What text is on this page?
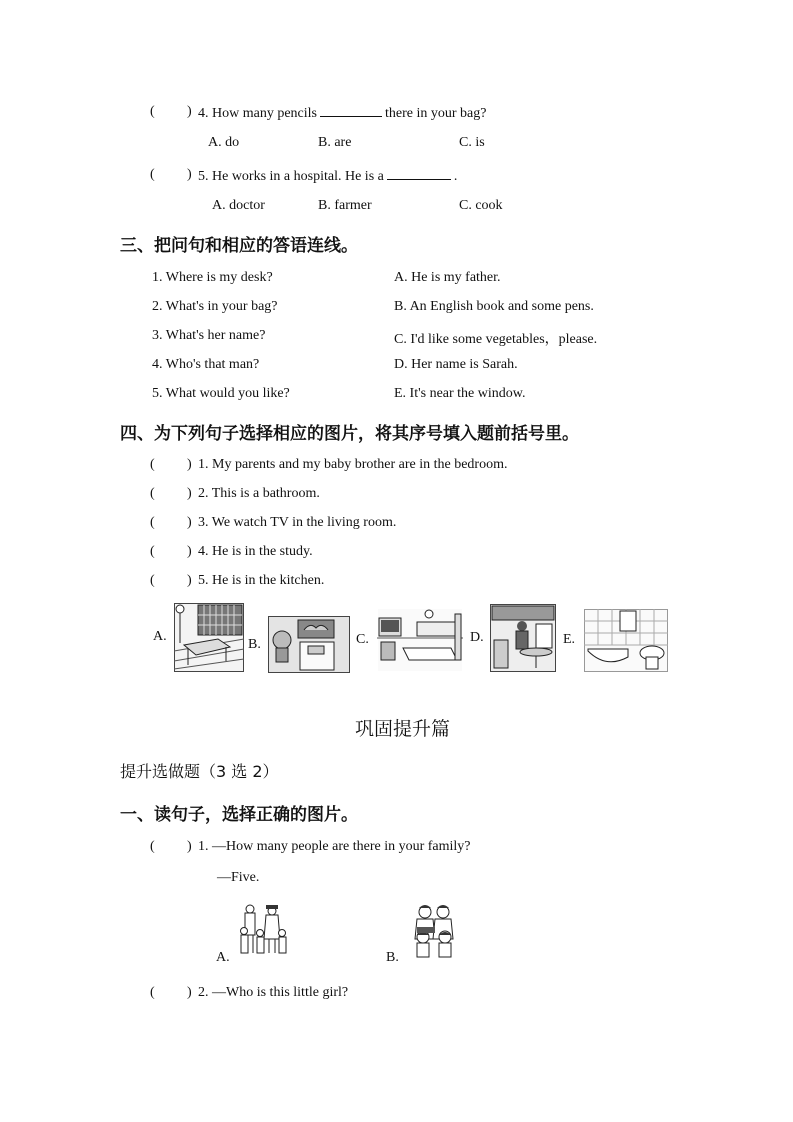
( ) 4. How many pencils	there in your bag?
A. do	B. are	C. is
( ) 5. He works in a hospital. He is a	.
A. doctor	B. farmer	C. cook
三、把问句和相应的答语连线。
1. Where is my desk?
2. What's in your bag?
3. What's her name?
4. Who's that man?
5. What would you like?
A. He is my father.
B. An English book and some pens.
C. I'd like some vegetables，please.
D. Her name is Sarah.
E. It's near the window.
四、为下列句子选择相应的图片，将其序号填入题前括号里。
( ) 1. My parents and my baby brother are in the bedroom.
( ) 2. This is a bathroom.
( ) 3. We watch TV in the living room.
( ) 4. He is in the study.
( ) 5. He is in the kitchen.
A.
B.	C.	D.	E.
巩固提升篇
提升选做题（3 选 2）
一、读句子，选择正确的图片。
( ) 1. —How many people are there in your family?
—Five.
A.	B.
( ) 2. —Who is this little girl?
